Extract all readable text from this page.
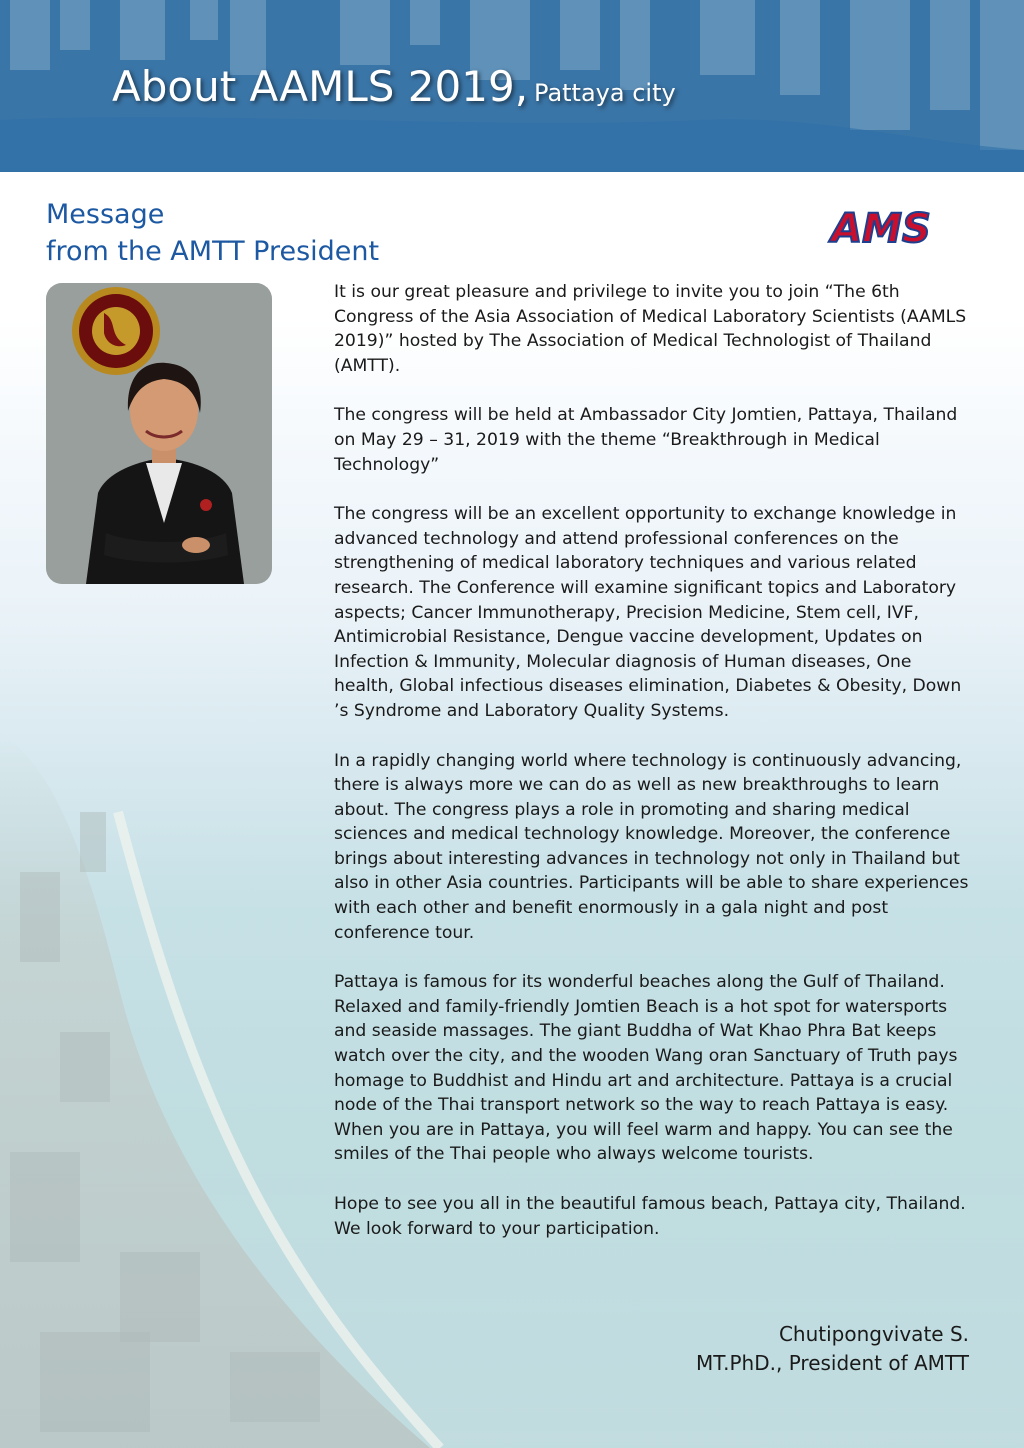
About AAMLS 2019, Pattaya city
Message
from the AMTT President	AMS

It is our great pleasure and privilege to invite you to join “The 6th Congress of the Asia Association of Medical Laboratory Scientists (AAMLS 2019)” hosted by The Association of Medical Technologist of Thailand (AMTT).

The congress will be held at Ambassador City Jomtien, Pattaya, Thailand on May 29 – 31, 2019 with the theme “Breakthrough in Medical Technology”

The congress will be an excellent opportunity to exchange knowledge in advanced technology and attend professional conferences on the strengthening of medical laboratory techniques and various related research. The Conference will examine significant topics and Laboratory aspects; Cancer Immunotherapy, Precision Medicine, Stem cell, IVF, Antimicrobial Resistance, Dengue vaccine development, Updates on Infection & Immunity, Molecular diagnosis of Human diseases, One health, Global infectious diseases elimination, Diabetes & Obesity, Down ’s Syndrome and Laboratory Quality Systems.

In a rapidly changing world where technology is continuously advancing, there is always more we can do as well as new breakthroughs to learn about. The congress plays a role in promoting and sharing medical sciences and medical technology knowledge. Moreover, the conference brings about interesting advances in technology not only in Thailand but also in other Asia countries. Participants will be able to share experiences with each other and benefit enormously in a gala night and post conference tour.

Pattaya is famous for its wonderful beaches along the Gulf of Thailand. Relaxed and family-friendly Jomtien Beach is a hot spot for watersports and seaside massages. The giant Buddha of Wat Khao Phra Bat keeps watch over the city, and the wooden Wang oran Sanctuary of Truth pays homage to Buddhist and Hindu art and architecture. Pattaya is a crucial node of the Thai transport network so the way to reach Pattaya is easy. When you are in Pattaya, you will feel warm and happy. You can see the smiles of the Thai people who always welcome tourists.

Hope to see you all in the beautiful famous beach, Pattaya city, Thailand. We look forward to your participation.

Chutipongvivate S.
MT.PhD., President of AMTT
